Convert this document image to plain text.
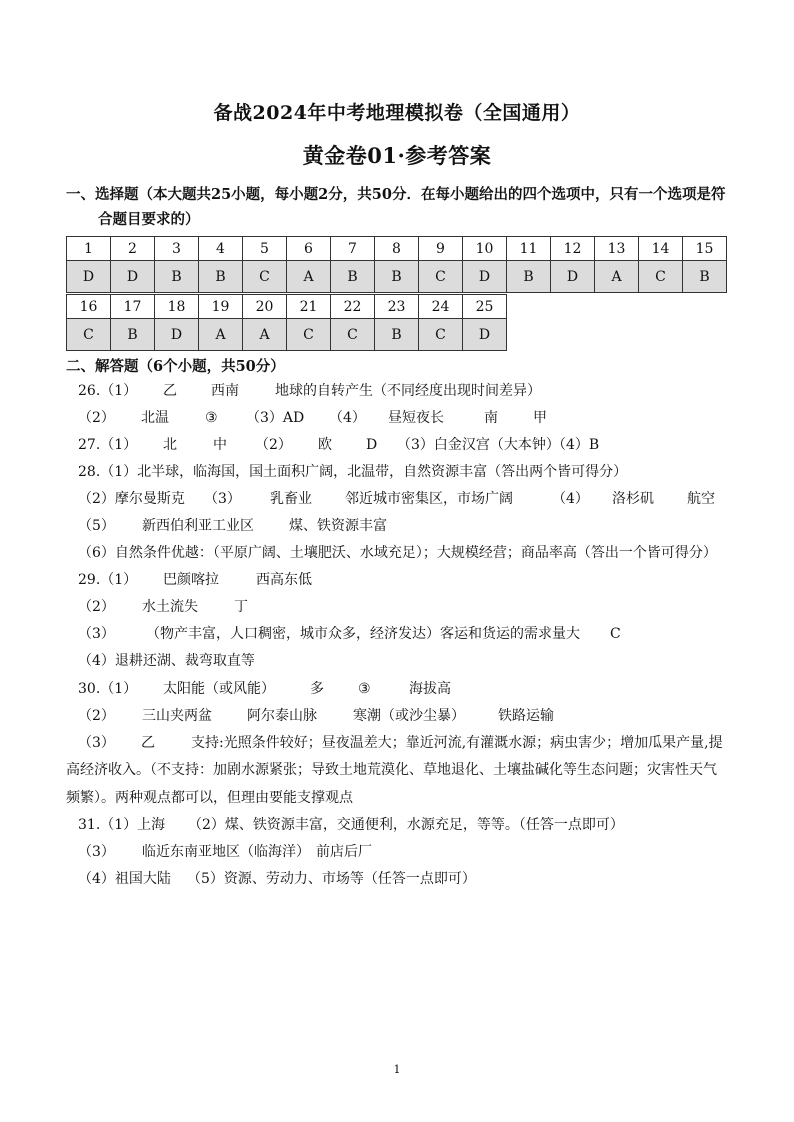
备战2024年中考地理模拟卷（全国通用）
黄金卷01·参考答案
一、选择题（本大题共25小题，每小题2分，共50分．在每小题给出的四个选项中，只有一个选项是符
合题目要求的）
1	2	3	4	5	6	7	8	9	10	11	12	13	14	15
D	D	B	B	C	A	B	B	C	D	B	D	A	C	B
16	17	18	19	20	21	22	23	24	25
C	B	D	A	A	C	C	B	C	D
二、解答题（6个小题，共50分）
26.（1） 乙 西南	地球的自转产生（不同经度出现时间差异）
（2） 北温	③ （3）AD （4） 昼短夜长	南	甲
27.（1） 北	中 （2） 欧 D （3）白金汉宫（大本钟）
（4）B
28.（1）北半球，临海国，国土面积广阔，北温带，自然资源丰富（答出两个皆可得分）
（2）摩尔曼斯克 （3） 乳畜业 邻近城市密集区，市场广阔	（4） 洛杉矶 航空
（5） 新西伯利亚工业区	煤、铁资源丰富
（6）自然条件优越：（平原广阔、土壤肥沃、水域充足）；大规模经营；商品率高（答出一个皆可得分）
29.（1） 巴颜喀拉	西高东低
（2） 水土流失	丁
（3） （物产丰富，人口稠密，城市众多，经济发达）客运和货运的需求量大 C
（4）退耕还湖、裁弯取直等
30.（1） 太阳能（或风能）	多 ③	海拔高
（2） 三山夹两盆	阿尔泰山脉	寒潮（或沙尘暴） 铁路运输
（3） 乙	支持:光照条件较好；昼夜温差大；靠近河流,有灌溉水源；病虫害少；增加瓜果产量,提
高经济收入。（不支持：加剧水源紧张；导致土地荒漠化、草地退化、土壤盐碱化等生态问题；灾害性天气
频繁）。两种观点都可以，但理由要能支撑观点
31.（1）上海 （2）煤、铁资源丰富，交通便利，水源充足，等等。（任答一点即可）
（3） 临近东南亚地区（临海洋） 前店后厂
（4）祖国大陆 （5）资源、劳动力、市场等（任答一点即可）
1
